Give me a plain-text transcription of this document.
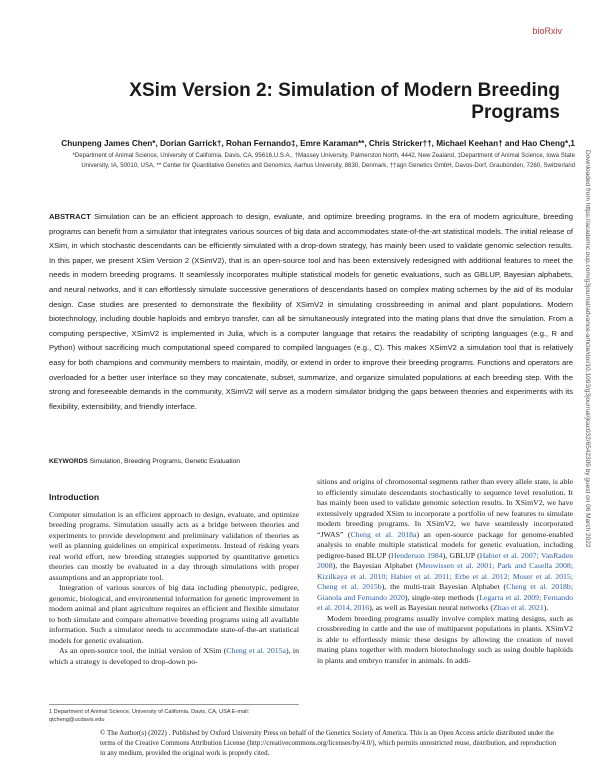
bioRxiv
XSim Version 2: Simulation of Modern Breeding Programs
Chunpeng James Chen*, Dorian Garrick†, Rohan Fernando‡, Emre Karaman**, Chris Stricker††, Michael Keehan† and Hao Cheng*,1
*Department of Animal Science, University of California, Davis, CA, 95616,U.S.A., †Massey University, Palmerston North, 4442, New Zealand, ‡Department of Animal Science, Iowa State University, IA, 50010, USA, ** Center for Quantitative Genetics and Genomics, Aarhus University, 8830, Denmark, ††agn Genetics GmbH, Davos-Dorf, Graubünden, 7260, Switzerland	Downloaded from https://academic.oup.com/g3journal/advance-article/doi/10.1093/g3journal/jkac032/6542309 by guest on 06 March 2022
ABSTRACT Simulation can be an efficient approach to design, evaluate, and optimize breeding programs. In the era of modern agriculture, breeding programs can benefit from a simulator that integrates various sources of big data and accommodates state-of-the-art statistical models. The initial release of XSim, in which stochastic descendants can be efficiently simulated with a drop-down strategy, has mainly been used to validate genomic selection results. In this paper, we present XSim Version 2 (XSimV2), that is an open-source tool and has been extensively redesigned with additional features to meet the needs in modern breeding programs. It seamlessly incorporates multiple statistical models for genetic evaluations, such as GBLUP, Bayesian alphabets, and neural networks, and it can effortlessly simulate successive generations of descendants based on complex mating schemes by the aid of its modular design. Case studies are presented to demonstrate the flexibility of XSimV2 in simulating crossbreeding in animal and plant populations. Modern biotechnology, including double haploids and embryo transfer, can all be simultaneously integrated into the mating plans that drive the simulation. From a computing perspective, XSimV2 is implemented in Julia, which is a computer language that retains the readability of scripting languages (e.g., R and Python) without sacrificing much computational speed compared to compiled languages (e.g., C). This makes XSimV2 a simulation tool that is relatively easy for both champions and community members to maintain, modify, or extend in order to improve their breeding programs. Functions and operators are overloaded for a better user interface so they may concatenate, subset, summarize, and organize simulated populations at each breeding step. With the strong and foreseeable demands in the community, XSimV2 will serve as a modern simulator bridging the gaps between theories and experiments with its flexibility, extensibility, and friendly interface.
KEYWORDS Simulation, Breeding Programs, Genetic Evaluation
Introduction

Computer simulation is an efficient approach to design, evaluate, and optimize breeding programs. Simulation usually acts as a bridge between theories and experiments to provide development and preliminary validation of theories as well as planning guidelines on empirical experiments. Instead of risking years real world effort, new breeding strategies supported by quantitative genetics theories can mostly be evaluated in a day through simulations with proper assumptions and an appropriate tool.

Integration of various sources of big data including phenotypic, pedigree, genomic, biological, and environmental information for genetic improvement in modern animal and plant agriculture requires an efficient and flexible simulator to both simulate and compare alternative breeding programs using all available information. Such a simulator needs to accommodate state-of-the-art statistical models for genetic evaluation.

As an open-source tool, the initial version of XSim (Cheng et al. 2015a), in which a strategy is developed to drop-down po-

sitions and origins of chromosomal segments rather than every allele state, is able to efficiently simulate descendants stochastically to sequence level resolution. It has mainly been used to validate genomic selection results. In XSimV2, we have extensively upgraded XSim to incorporate a portfolio of new features to simulate modern breeding programs. In XSimV2, we have seamlessly incorporated “JWAS” (Cheng et al. 2018a) an open-source package for genome-enabled analysis to enable multiple statistical models for genetic evaluation, including pedigree-based BLUP (Henderson 1984), GBLUP (Habier et al. 2007; VanRaden 2008), the Bayesian Alphabet (Meuwissen et al. 2001; Park and Casella 2008; Kizilkaya et al. 2010; Habier et al. 2011; Erbe et al. 2012; Moser et al. 2015; Cheng et al. 2015b), the multi-trait Bayesian Alphabet (Cheng et al. 2018b; Gianola and Fernando 2020), single-step methods (Legarra et al. 2009; Fernando et al. 2014, 2016), as well as Bayesian neural networks (Zhao et al. 2021).

Modern breeding programs usually involve complex mating designs, such as crossbreeding in cattle and the use of multiparent populations in plants. XSimV2 is able to effortlessly mimic these designs by allowing the creation of novel mating plans together with modern biotechnology such as using double haploids in plants and embryo transfer in animals. In addi-

1 Department of Animal Science, University of California, Davis, CA, USA E-mail: qtcheng@ucdavis.edu
© The Author(s) (2022) . Published by Oxford University Press on behalf of the Genetics Society of America. This is an Open Access article distributed under the terms of the Creative Commons Attribution License (http://creativecommons.org/licenses/by/4.0/), which permits unrestricted reuse, distribution, and reproduction in any medium, provided the original work is properly cited.
